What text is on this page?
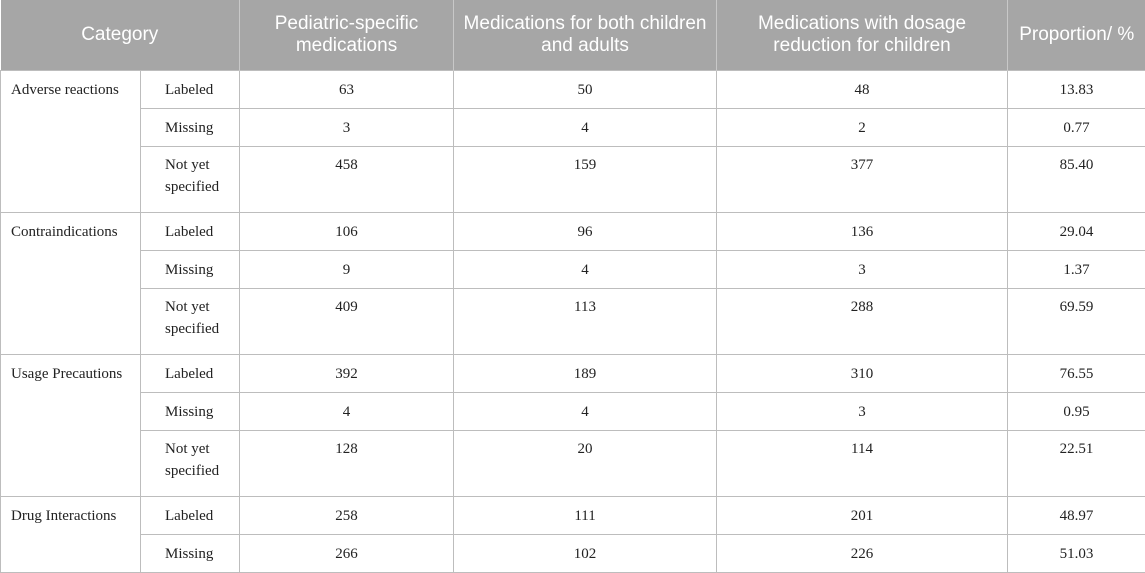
Category		Pediatric-specific medications	Medications for both children and adults	Medications with dosage reduction for children	Proportion/ %
Adverse reactions	Labeled	63	50	48	13.83
	Missing	3	4	2	0.77
	Not yet specified	458	159	377	85.40
Contraindications	Labeled	106	96	136	29.04
	Missing	9	4	3	1.37
	Not yet specified	409	113	288	69.59
Usage Precautions	Labeled	392	189	310	76.55
	Missing	4	4	3	0.95
	Not yet specified	128	20	114	22.51
Drug Interactions	Labeled	258	111	201	48.97
	Missing	266	102	226	51.03
